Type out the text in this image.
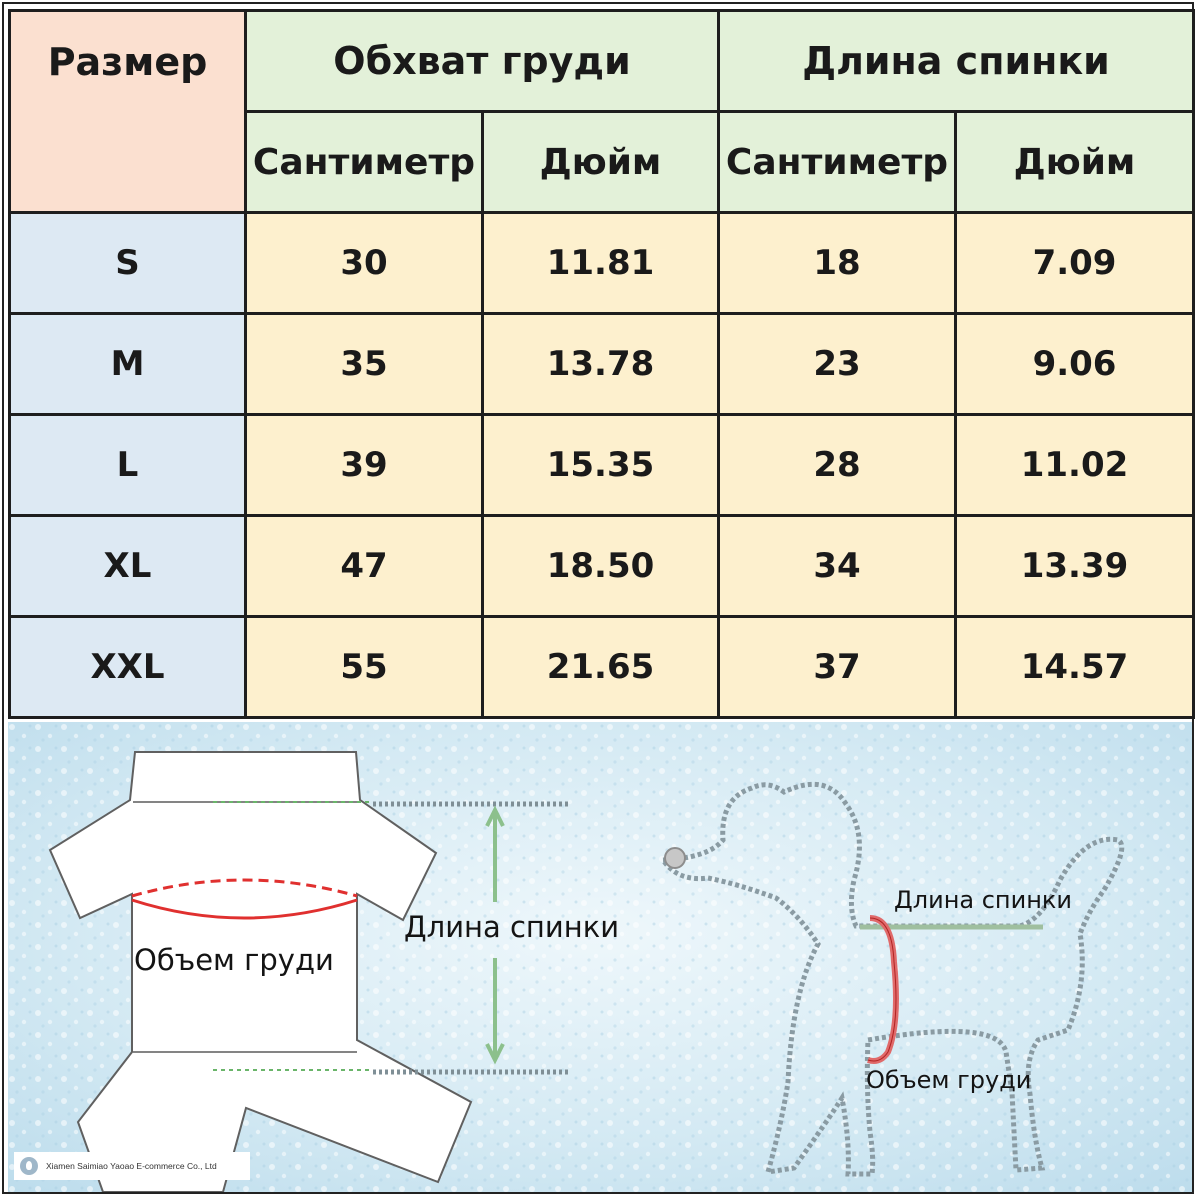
Размер	Обхват груди		Длина спинки	
	Сантиметр	Дюйм	Сантиметр	Дюйм
S	30	11.81	18	7.09
M	35	13.78	23	9.06
L	39	15.35	28	11.02
XL	47	18.50	34	13.39
XXL	55	21.65	37	14.57
Длина спинки
Объем груди
Длина спинки
Объем груди
Xiamen Saimiao Yaoao E-commerce Co., Ltd
